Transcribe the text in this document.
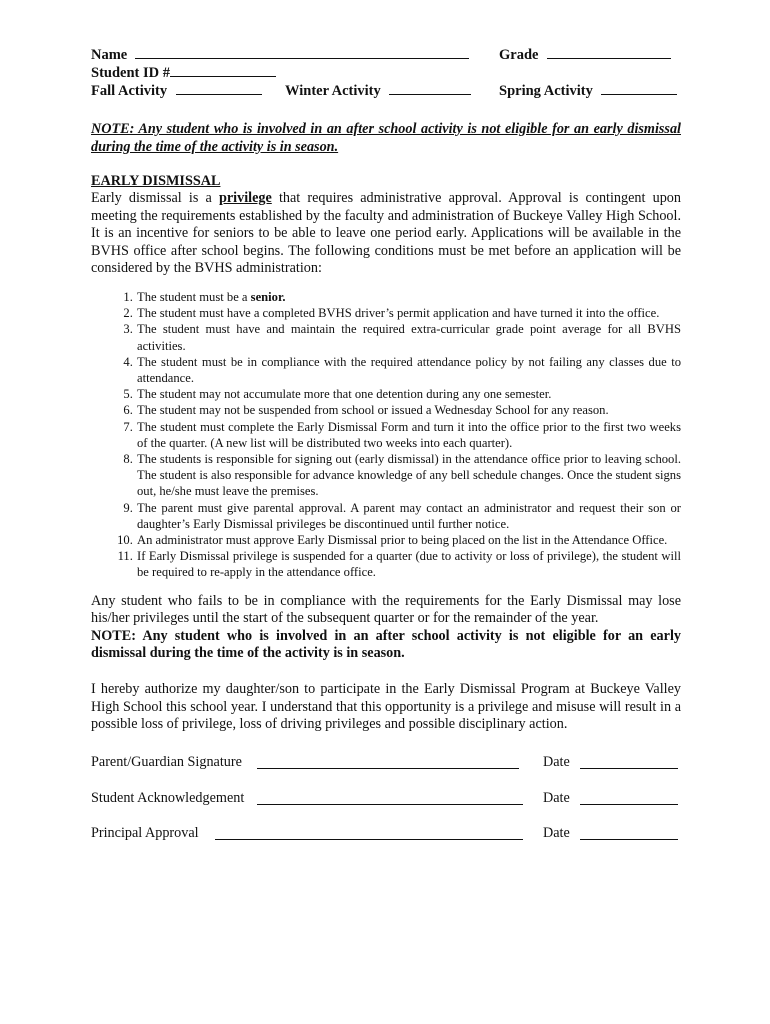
Name	Grade
Student ID #
Fall Activity	Winter Activity	Spring Activity
NOTE: Any student who is involved in an after school activity is not eligible for an early dismissal during the time of the activity is in season.
EARLY DISMISSAL
Early dismissal is a privilege that requires administrative approval. Approval is contingent upon meeting the requirements established by the faculty and administration of Buckeye Valley High School. It is an incentive for seniors to be able to leave one period early. Applications will be available in the BVHS office after school begins. The following conditions must be met before an application will be considered by the BVHS administration:
1. The student must be a senior.
2. The student must have a completed BVHS driver’s permit application and have turned it into the office.
3. The student must have and maintain the required extra-curricular grade point average for all BVHS activities.
4. The student must be in compliance with the required attendance policy by not failing any classes due to attendance.
5. The student may not accumulate more that one detention during any one semester.
6. The student may not be suspended from school or issued a Wednesday School for any reason.
7. The student must complete the Early Dismissal Form and turn it into the office prior to the first two weeks of the quarter. (A new list will be distributed two weeks into each quarter).
8. The students is responsible for signing out (early dismissal) in the attendance office prior to leaving school. The student is also responsible for advance knowledge of any bell schedule changes. Once the student signs out, he/she must leave the premises.
9. The parent must give parental approval. A parent may contact an administrator and request their son or daughter’s Early Dismissal privileges be discontinued until further notice.
10. An administrator must approve Early Dismissal prior to being placed on the list in the Attendance Office.
11. If Early Dismissal privilege is suspended for a quarter (due to activity or loss of privilege), the student will be required to re-apply in the attendance office.
Any student who fails to be in compliance with the requirements for the Early Dismissal may lose his/her privileges until the start of the subsequent quarter or for the remainder of the year.
NOTE: Any student who is involved in an after school activity is not eligible for an early dismissal during the time of the activity is in season.
I hereby authorize my daughter/son to participate in the Early Dismissal Program at Buckeye Valley High School this school year. I understand that this opportunity is a privilege and misuse will result in a possible loss of privilege, loss of driving privileges and possible disciplinary action.
Parent/Guardian Signature	Date
Student Acknowledgement	Date
Principal Approval	Date
